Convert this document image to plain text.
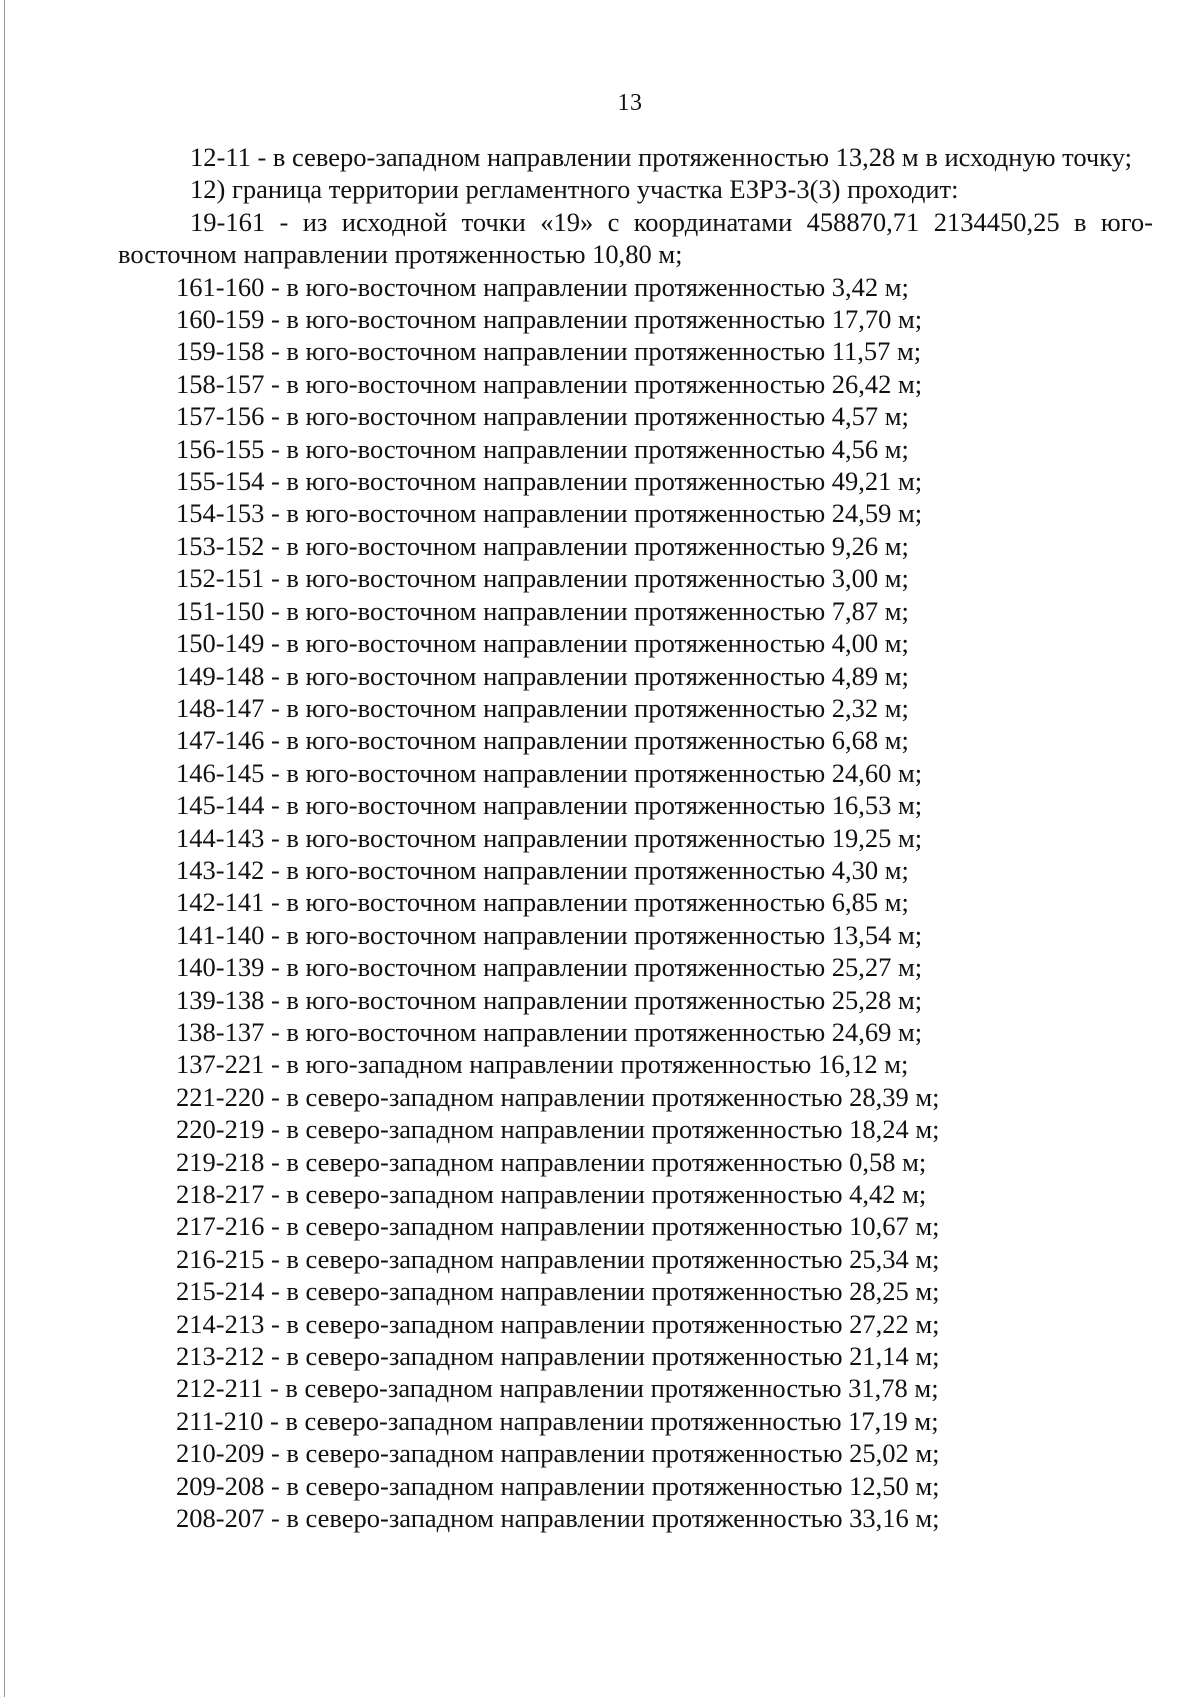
13

12-11 - в северо-западном направлении протяженностью 13,28 м в исходную точку;

12) граница территории регламентного участка ЕЗРЗ-3(3) проходит:

19-161 - из исходной точки «19» с координатами 458870,71 2134450,25 в юго-восточном направлении протяженностью 10,80 м;

161-160 - в юго-восточном направлении протяженностью 3,42 м;
160-159 - в юго-восточном направлении протяженностью 17,70 м;
159-158 - в юго-восточном направлении протяженностью 11,57 м;
158-157 - в юго-восточном направлении протяженностью 26,42 м;
157-156 - в юго-восточном направлении протяженностью 4,57 м;
156-155 - в юго-восточном направлении протяженностью 4,56 м;
155-154 - в юго-восточном направлении протяженностью 49,21 м;
154-153 - в юго-восточном направлении протяженностью 24,59 м;
153-152 - в юго-восточном направлении протяженностью 9,26 м;
152-151 - в юго-восточном направлении протяженностью 3,00 м;
151-150 - в юго-восточном направлении протяженностью 7,87 м;
150-149 - в юго-восточном направлении протяженностью 4,00 м;
149-148 - в юго-восточном направлении протяженностью 4,89 м;
148-147 - в юго-восточном направлении протяженностью 2,32 м;
147-146 - в юго-восточном направлении протяженностью 6,68 м;
146-145 - в юго-восточном направлении протяженностью 24,60 м;
145-144 - в юго-восточном направлении протяженностью 16,53 м;
144-143 - в юго-восточном направлении протяженностью 19,25 м;
143-142 - в юго-восточном направлении протяженностью 4,30 м;
142-141 - в юго-восточном направлении протяженностью 6,85 м;
141-140 - в юго-восточном направлении протяженностью 13,54 м;
140-139 - в юго-восточном направлении протяженностью 25,27 м;
139-138 - в юго-восточном направлении протяженностью 25,28 м;
138-137 - в юго-восточном направлении протяженностью 24,69 м;
137-221 - в юго-западном направлении протяженностью 16,12 м;
221-220 - в северо-западном направлении протяженностью 28,39 м;
220-219 - в северо-западном направлении протяженностью 18,24 м;
219-218 - в северо-западном направлении протяженностью 0,58 м;
218-217 - в северо-западном направлении протяженностью 4,42 м;
217-216 - в северо-западном направлении протяженностью 10,67 м;
216-215 - в северо-западном направлении протяженностью 25,34 м;
215-214 - в северо-западном направлении протяженностью 28,25 м;
214-213 - в северо-западном направлении протяженностью 27,22 м;
213-212 - в северо-западном направлении протяженностью 21,14 м;
212-211 - в северо-западном направлении протяженностью 31,78 м;
211-210 - в северо-западном направлении протяженностью 17,19 м;
210-209 - в северо-западном направлении протяженностью 25,02 м;
209-208 - в северо-западном направлении протяженностью 12,50 м;
208-207 - в северо-западном направлении протяженностью 33,16 м;
